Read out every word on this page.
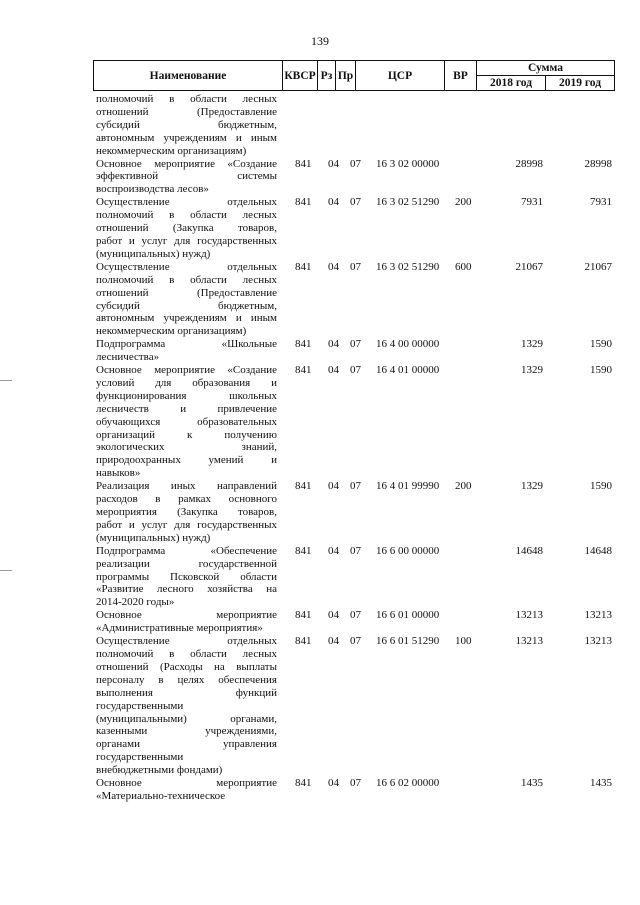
139
Наименование	КВСР Рз Пр	ЦСР	ВР
Сумма
2018 год	2019 год
полномочий в области лесных
отношений (Предоставление
субсидий бюджетным,
автономным учреждениям и иным
некоммерческим организациям)
Основное мероприятие «Создание
эффективной системы
воспроизводства лесов»
841 04 07 16 3 02 00000	28998	28998
Осуществление отдельных
полномочий в области лесных
отношений (Закупка товаров,
работ и услуг для государственных
(муниципальных) нужд)
841 04 07 16 3 02 51290 200	7931	7931
Осуществление отдельных
полномочий в области лесных
отношений (Предоставление
субсидий бюджетным,
автономным учреждениям и иным
некоммерческим организациям)
841 04 07 16 3 02 51290 600	21067	21067
Подпрограмма «Школьные
лесничества»
841 04 07 16 4 00 00000	1329	1590
Основное мероприятие «Создание
условий для образования и
функционирования школьных
лесничеств и привлечение
обучающихся образовательных
организаций к получению
экологических знаний,
природоохранных умений и
навыков»
841 04 07 16 4 01 00000	1329	1590
Реализация иных направлений
расходов в рамках основного
мероприятия (Закупка товаров,
работ и услуг для государственных
(муниципальных) нужд)
841 04 07 16 4 01 99990 200	1329	1590
Подпрограмма «Обеспечение
реализации государственной
программы Псковской области
«Развитие лесного хозяйства на
2014-2020 годы»
841 04 07 16 6 00 00000	14648	14648
Основное мероприятие
«Административные мероприятия»
841 04 07 16 6 01 00000	13213	13213
Осуществление отдельных
полномочий в области лесных
отношений (Расходы на выплаты
персоналу в целях обеспечения
выполнения функций
государственными
(муниципальными) органами,
казенными учреждениями,
органами управления
государственными
внебюджетными фондами)
841 04 07 16 6 01 51290 100	13213	13213
Основное мероприятие
«Материально-техническое
841 04 07 16 6 02 00000	1435	1435
